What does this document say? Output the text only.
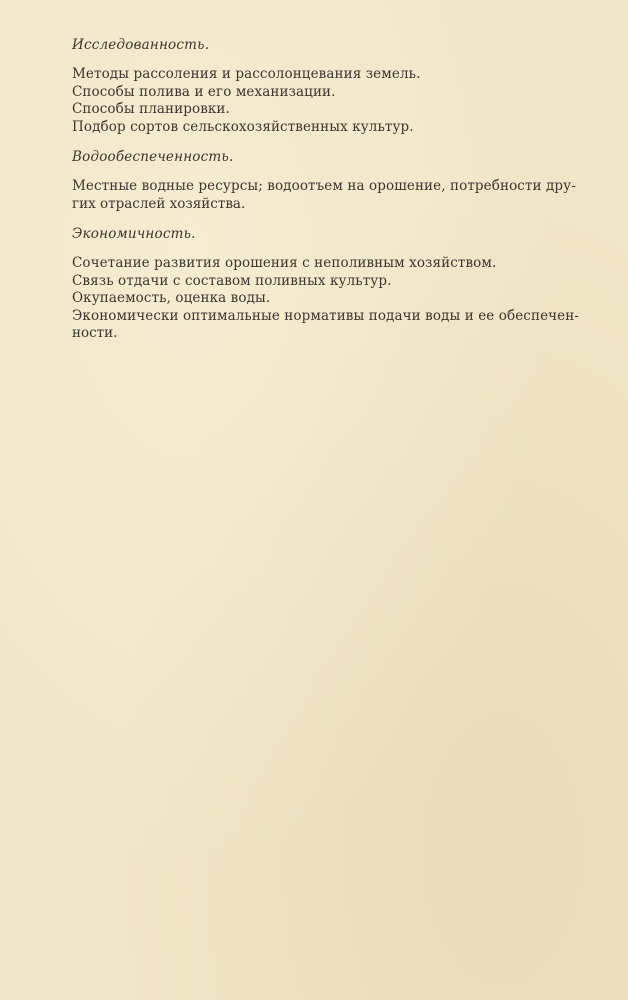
Исследованность.

Методы рассоления и рассолонцевания земель.

Способы полива и его механизации.

Способы планировки.

Подбор сортов сельскохозяйственных культур.

Водообеспеченность.

Местные водные ресурсы; водоотъем на орошение, потребности дру-

гих отраслей хозяйства.

Экономичность.

Сочетание развития орошения с неполивным хозяйством.

Связь отдачи с составом поливных культур.

Окупаемость, оценка воды.

Экономически оптимальные нормативы подачи воды и ее обеспечен-

ности.
